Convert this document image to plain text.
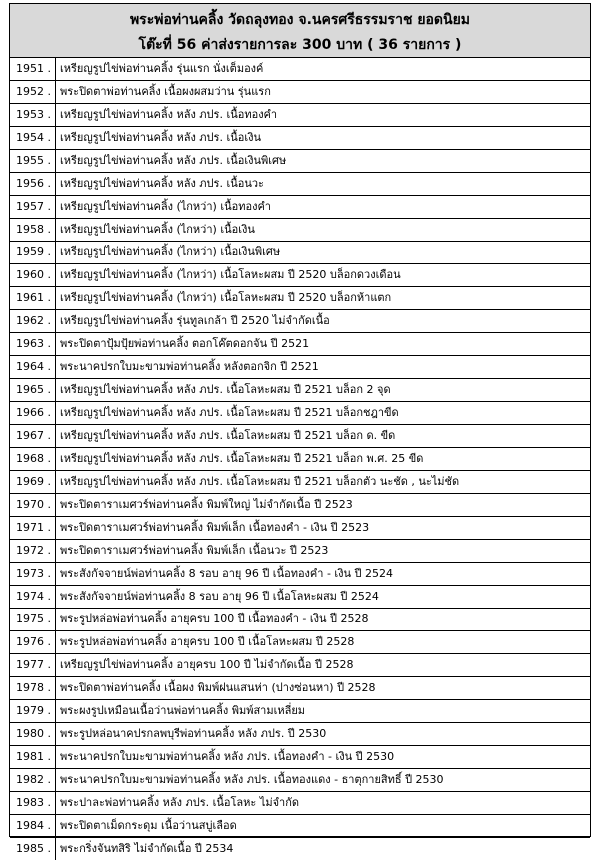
พระพ่อท่านคลิ้ง วัดถลุงทอง จ.นครศรีธรรมราช ยอดนิยม
โต๊ะที่ 56 ค่าส่งรายการละ 300 บาท ( 36 รายการ )
1951 .	เหรียญรูปไข่พ่อท่านคลิ้ง รุ่นแรก นั่งเต็มองค์
1952 .	พระปิดตาพ่อท่านคลิ้ง เนื้อผงผสมว่าน รุ่นแรก
1953 .	เหรียญรูปไข่พ่อท่านคลิ้ง หลัง ภปร. เนื้อทองคำ
1954 .	เหรียญรูปไข่พ่อท่านคลิ้ง หลัง ภปร. เนื้อเงิน
1955 .	เหรียญรูปไข่พ่อท่านคลิ้ง หลัง ภปร. เนื้อเงินพิเศษ
1956 .	เหรียญรูปไข่พ่อท่านคลิ้ง หลัง ภปร. เนื้อนวะ
1957 .	เหรียญรูปไข่พ่อท่านคลิ้ง (ไกหว่า) เนื้อทองคำ
1958 .	เหรียญรูปไข่พ่อท่านคลิ้ง (ไกหว่า) เนื้อเงิน
1959 .	เหรียญรูปไข่พ่อท่านคลิ้ง (ไกหว่า) เนื้อเงินพิเศษ
1960 .	เหรียญรูปไข่พ่อท่านคลิ้ง (ไกหว่า) เนื้อโลหะผสม ปี 2520 บล็อกดวงเดือน
1961 .	เหรียญรูปไข่พ่อท่านคลิ้ง (ไกหว่า) เนื้อโลหะผสม ปี 2520 บล็อกห้าแตก
1962 .	เหรียญรูปไข่พ่อท่านคลิ้ง รุ่นทูลเกล้า ปี 2520 ไม่จำกัดเนื้อ
1963 .	พระปิดตาปุ้มปุ้ยพ่อท่านคลิ้ง ตอกโค๊ตดอกจัน ปี 2521
1964 .	พระนาคปรกใบมะขามพ่อท่านคลิ้ง หลังตอกจิก ปี 2521
1965 .	เหรียญรูปไข่พ่อท่านคลิ้ง หลัง ภปร. เนื้อโลหะผสม ปี 2521 บล็อก 2 จุด
1966 .	เหรียญรูปไข่พ่อท่านคลิ้ง หลัง ภปร. เนื้อโลหะผสม ปี 2521 บล็อกชฎาขีด
1967 .	เหรียญรูปไข่พ่อท่านคลิ้ง หลัง ภปร. เนื้อโลหะผสม ปี 2521 บล็อก ด. ขีด
1968 .	เหรียญรูปไข่พ่อท่านคลิ้ง หลัง ภปร. เนื้อโลหะผสม ปี 2521 บล็อก พ.ศ. 25 ขีด
1969 .	เหรียญรูปไข่พ่อท่านคลิ้ง หลัง ภปร. เนื้อโลหะผสม ปี 2521 บล็อกตัว นะชัด , นะไม่ชัด
1970 .	พระปิดตาราเมศวร์พ่อท่านคลิ้ง พิมพ์ใหญ่ ไม่จำกัดเนื้อ ปี 2523
1971 .	พระปิดตาราเมศวร์พ่อท่านคลิ้ง พิมพ์เล็ก เนื้อทองคำ - เงิน ปี 2523
1972 .	พระปิดตาราเมศวร์พ่อท่านคลิ้ง พิมพ์เล็ก เนื้อนวะ ปี 2523
1973 .	พระสังกัจจายน์พ่อท่านคลิ้ง 8 รอบ อายุ 96 ปี เนื้อทองคำ - เงิน ปี 2524
1974 .	พระสังกัจจายน์พ่อท่านคลิ้ง 8 รอบ อายุ 96 ปี เนื้อโลหะผสม ปี 2524
1975 .	พระรูปหล่อพ่อท่านคลิ้ง อายุครบ 100 ปี เนื้อทองคำ - เงิน ปี 2528
1976 .	พระรูปหล่อพ่อท่านคลิ้ง อายุครบ 100 ปี เนื้อโลหะผสม ปี 2528
1977 .	เหรียญรูปไข่พ่อท่านคลิ้ง อายุครบ 100 ปี ไม่จำกัดเนื้อ ปี 2528
1978 .	พระปิดตาพ่อท่านคลิ้ง เนื้อผง พิมพ์ฝนแสนห่า (ปางซ่อนหา) ปี 2528
1979 .	พระผงรูปเหมือนเนื้อว่านพ่อท่านคลิ้ง พิมพ์สามเหลี่ยม
1980 .	พระรูปหล่อนาคปรกลพบุรีพ่อท่านคลิ้ง หลัง ภปร. ปี 2530
1981 .	พระนาคปรกใบมะขามพ่อท่านคลิ้ง หลัง ภปร. เนื้อทองคำ - เงิน ปี 2530
1982 .	พระนาคปรกใบมะขามพ่อท่านคลิ้ง หลัง ภปร. เนื้อทองแดง - ธาตุกายสิทธิ์ ปี 2530
1983 .	พระปาละพ่อท่านคลิ้ง หลัง ภปร. เนื้อโลหะ ไม่จำกัด
1984 .	พระปิดตาเม็ดกระดุม เนื้อว่านสบู่เลือด
1985 .	พระกริ่งจันทสิริ ไม่จำกัดเนื้อ ปี 2534
